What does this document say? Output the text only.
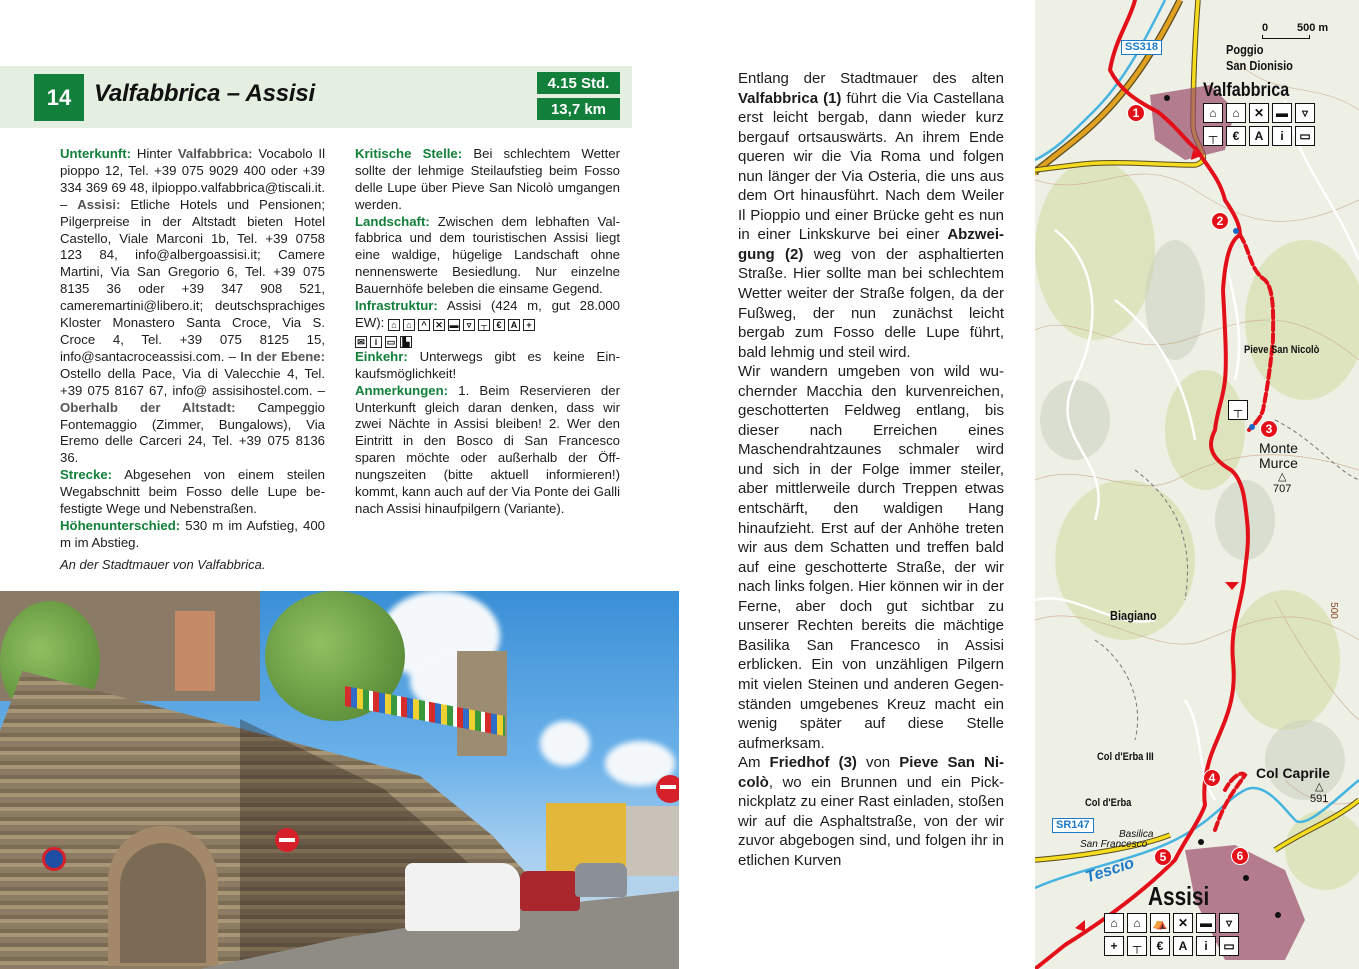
14 Valfabbrica – Assisi	4.15 Std.
13,7 km
Unterkunft: Hinter Valfabbrica: Vocabolo Il pioppo 12, Tel. +39 075 9029 400 oder +39 334 369 69 48, ilpioppo.valfabbrica@tiscali.it. – Assisi: Etliche Hotels und Pensionen; Pilgerpreise in der Altstadt bieten Hotel Castello, Viale Marconi 1b, Tel. +39 0758 123 84, info@albergoassisi.it; Camere Martini, Via San Gregorio 6, Tel. +39 075 8135 36 oder +39 347 908 521, cameremartini@libero.it; deutschsprachiges Kloster Monastero Santa Croce, Via S. Croce 4, Tel. +39 075 8125 15, info@santacroceassisi.com. – In der Ebene: Ostello della Pace, Via di Valecchie 4, Tel. +39 075 8167 67, info@ assisihostel.com. – Oberhalb der Altstadt: Campeggio Fontemaggio (Zimmer, Bungalows), Via Eremo delle Carceri 24, Tel. +39 075 8136 36.
Strecke: Abgesehen von einem steilen Wegabschnitt beim Fosso delle Lupe befestigte Wege und Nebenstraßen.
Höhenunterschied: 530 m im Aufstieg, 400 m im Abstieg.

Kritische Stelle: Bei schlechtem Wetter sollte der lehmige Steilaufstieg beim Fosso delle Lupe über Pieve San Nicolò umgangen werden.
Landschaft: Zwischen dem lebhaften Valfabbrica und dem touristischen Assisi liegt eine waldige, hügelige Landschaft ohne nennenswerte Besiedlung. Nur einzelne Bauernhöfe beleben die einsame Gegend.
Infrastruktur: Assisi (424 m, gut 28.000 EW): ⌂ ⌂ ^ ✕ ▬ ▿ ┬ € A +
✉ i ▭ ▙
Einkehr: Unterwegs gibt es keine Einkaufsmöglichkeit!
Anmerkungen: 1. Beim Reservieren der Unterkunft gleich daran denken, dass wir zwei Nächte in Assisi bleiben! 2. Wer den Eintritt in den Bosco di San Francesco sparen möchte oder außerhalb der Öffnungszeiten (bitte aktuell informieren!) kommt, kann auch auf der Via Ponte dei Galli nach Assisi hinaufpilgern (Variante).
An der Stadtmauer von Valfabbrica.
Entlang der Stadtmauer des alten Valfabbrica (1) führt die Via Castellana erst leicht bergab, dann wieder kurz bergauf ortsauswärts. An ihrem Ende queren wir die Via Roma und folgen nun länger der Via Osteria, die uns aus dem Ort hinausführt. Nach dem Weiler Il Pioppio und einer Brücke geht es nun in einer Linkskurve bei einer Abzweigung (2) weg von der asphaltierten Straße. Hier sollte man bei schlechtem Wetter weiter der Straße folgen, da der Fußweg, der nun zunächst leicht bergab zum Fosso delle Lupe führt, bald lehmig und steil wird.
Wir wandern umgeben von wild wuchernder Macchia den kurvenreichen, geschotterten Feldweg entlang, bis dieser nach Erreichen eines Maschendrahtzaunes schmaler wird und sich in der Folge immer steiler, aber mittlerweile durch Treppen etwas entschärft, den waldigen Hang hinaufzieht. Erst auf der Anhöhe treten wir aus dem Schatten und treffen bald auf eine geschotterte Straße, der wir nach links folgen. Hier können wir in der Ferne, aber doch gut sichtbar zu unserer Rechten bereits die mächtige Basilika San Francesco in Assisi erblicken. Ein von unzähligen Pilgern mit vielen Steinen und anderen Gegenständen umgebenes Kreuz macht ein wenig später auf diese Stelle aufmerksam.
Am Friedhof (3) von Pieve San Nicolò, wo ein Brunnen und ein Picknickplatz zu einer Rast einladen, stoßen wir auf die Asphaltstraße, von der wir zuvor abgebogen sind, und folgen ihr in etlichen Kurven
┬
1
2
3
4
5	6
Poggio
San Dionisio
Valfabbrica
Pieve San Nicolò
Monte
Murce
△
707
Biagiano	500
Col d'Erba III
Col Caprile
△
591
Col d'Erba
Basilica
San Francesco
Tescio
Assisi
⌂	⌂	✕ ▬	▿
┬	€	A	i	▭
⌂	⌂ ⛺ ✕ ▬	▿
+	┬	€	A	i	▭
SS318
SR147
0	500 m
